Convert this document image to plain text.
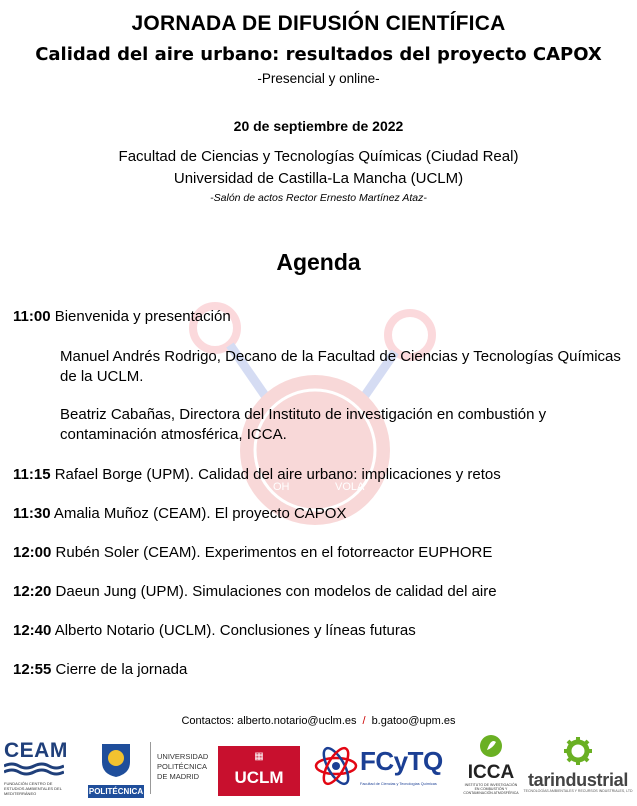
OH	VOLA
JORNADA DE DIFUSIÓN CIENTÍFICA
Calidad del aire urbano: resultados del proyecto CAPOX
-Presencial y online-
20 de septiembre de 2022
Facultad de Ciencias y Tecnologías Químicas (Ciudad Real)
Universidad de Castilla-La Mancha (UCLM)
-Salón de actos Rector Ernesto Martínez Ataz-
Agenda
11:00 Bienvenida y presentación
Manuel Andrés Rodrigo, Decano de la Facultad de Ciencias y Tecnologías Químicas de la UCLM.
Beatriz Cabañas, Directora del Instituto de investigación en combustión y contaminación atmosférica, ICCA.
11:15 Rafael Borge (UPM). Calidad del aire urbano: implicaciones y retos
11:30 Amalia Muñoz (CEAM). El proyecto CAPOX
12:00 Rubén Soler (CEAM). Experimentos en el fotorreactor EUPHORE
12:20 Daeun Jung (UPM). Simulaciones con modelos de calidad del aire
12:40 Alberto Notario (UCLM). Conclusiones y líneas futuras
12:55 Cierre de la jornada
Contactos: alberto.notario@uclm.es / b.gatoo@upm.es
CEAM
FUNDACIÓN CENTRO DE ESTUDIOS AMBIENTALES DEL MEDITERRÁNEO	POLITÉCNICA
UNIVERSIDAD
POLITÉCNICA
DE MADRID
▦
UCLM
FCyTQ
Facultad de Ciencias y Tecnologías Químicas
ICCA
INSTITUTO DE INVESTIGACIÓN EN COMBUSTIÓN Y CONTAMINACIÓN ATMOSFÉRICA
tarindustrial
TECNOLOGÍAS AMBIENTALES Y RECURSOS INDUSTRIALES, LTD
